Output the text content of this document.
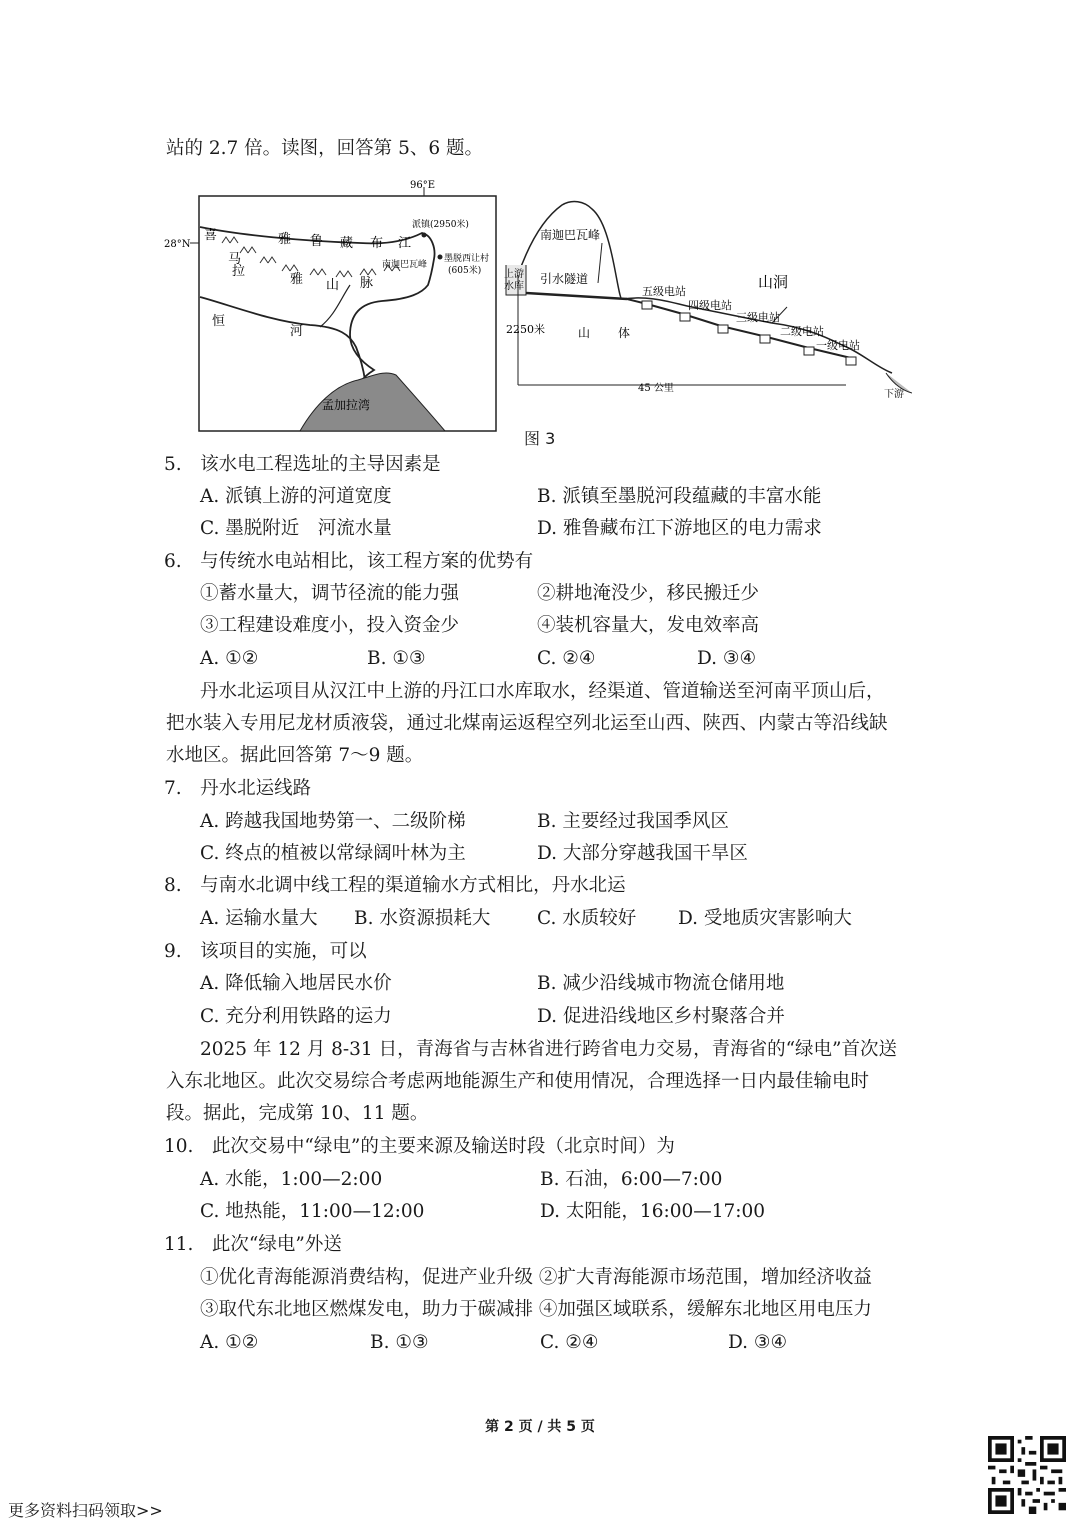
站的 2.7 倍。读图，回答第 5、6 题。
96°E
28°N
喜
马
拉
雅 山 脉
雅 鲁 藏 布 江
派镇(2950米)
南迦巴瓦峰
墨脱西让村
(605米)
恒
河
孟加拉湾
南迦巴瓦峰
上游
水库
引水隧道	山洞
五级电站
四级电站
三级电站
二级电站
一级电站
2250米	山 体
45 公里
下游
图 3
5.　该水电工程选址的主导因素是
A. 派镇上游的河道宽度	B. 派镇至墨脱河段蕴藏的丰富水能
C. 墨脱附近　河流水量	D. 雅鲁藏布江下游地区的电力需求
6.　与传统水电站相比，该工程方案的优势有
①蓄水量大，调节径流的能力强	②耕地淹没少，移民搬迁少
③工程建设难度小，投入资金少	④装机容量大，发电效率高
A. ①②	B. ①③	C. ②④	D. ③④
丹水北运项目从汉江中上游的丹江口水库取水，经渠道、管道输送至河南平顶山后，
把水装入专用尼龙材质液袋，通过北煤南运返程空列北运至山西、陕西、内蒙古等沿线缺
水地区。据此回答第 7～9 题。
7.　丹水北运线路
A. 跨越我国地势第一、二级阶梯	B. 主要经过我国季风区
C. 终点的植被以常绿阔叶林为主	D. 大部分穿越我国干旱区
8.　与南水北调中线工程的渠道输水方式相比，丹水北运
A. 运输水量大 B. 水资源损耗大	C. 水质较好 D. 受地质灾害影响大
9.　该项目的实施，可以
A. 降低输入地居民水价	B. 减少沿线城市物流仓储用地
C. 充分利用铁路的运力	D. 促进沿线地区乡村聚落合并
2025 年 12 月 8-31 日，青海省与吉林省进行跨省电力交易，青海省的“绿电”首次送
入东北地区。此次交易综合考虑两地能源生产和使用情况，合理选择一日内最佳输电时
段。据此，完成第 10、11 题。
10.　此次交易中“绿电”的主要来源及输送时段（北京时间）为
A. 水能，1:00—2:00	B. 石油，6:00—7:00
C. 地热能，11:00—12:00	D. 太阳能，16:00—17:00
11.　此次“绿电”外送
①优化青海能源消费结构，促进产业升级 ②扩大青海能源市场范围，增加经济收益
③取代东北地区燃煤发电，助力于碳减排 ④加强区域联系，缓解东北地区用电压力
A. ①②	B. ①③	C. ②④	D. ③④
第 2 页 / 共 5 页
更多资料扫码领取>>
